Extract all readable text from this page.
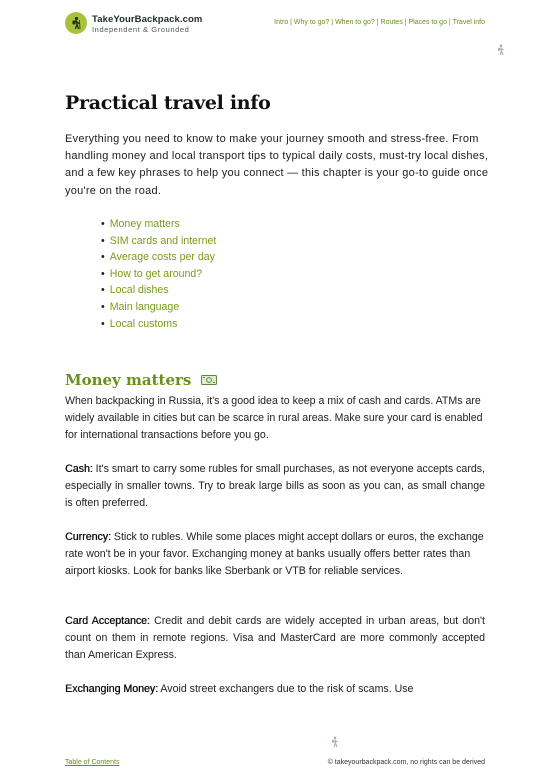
TakeYourBackpack.com
Independent & Grounded
Intro | Why to go? | When to go? | Routes | Places to go | Travel info
Practical travel info

Everything you need to know to make your journey smooth and stress-free. From handling money and local transport tips to typical daily costs, must-try local dishes, and a few key phrases to help you connect — this chapter is your go-to guide once you're on the road.

• Money matters
• SIM cards and internet
• Average costs per day
• How to get around?
• Local dishes
• Main language
• Local customs
Money matters

When backpacking in Russia, it's a good idea to keep a mix of cash and cards. ATMs are widely available in cities but can be scarce in rural areas. Make sure your card is enabled for international transactions before you go.

Cash: It's smart to carry some rubles for small purchases, as not everyone accepts cards, especially in smaller towns. Try to break large bills as soon as you can, as small change is often preferred.

Currency: Stick to rubles. While some places might accept dollars or euros, the exchange rate won't be in your favor. Exchanging money at banks usually offers better rates than airport kiosks. Look for banks like Sberbank or VTB for reliable services.

Card Acceptance: Credit and debit cards are widely accepted in urban areas, but don't count on them in remote regions. Visa and MasterCard are more commonly accepted than American Express.

Exchanging Money: Avoid street exchangers due to the risk of scams. Use

Table of Contents	© takeyourbackpack.com, no rights can be derived
